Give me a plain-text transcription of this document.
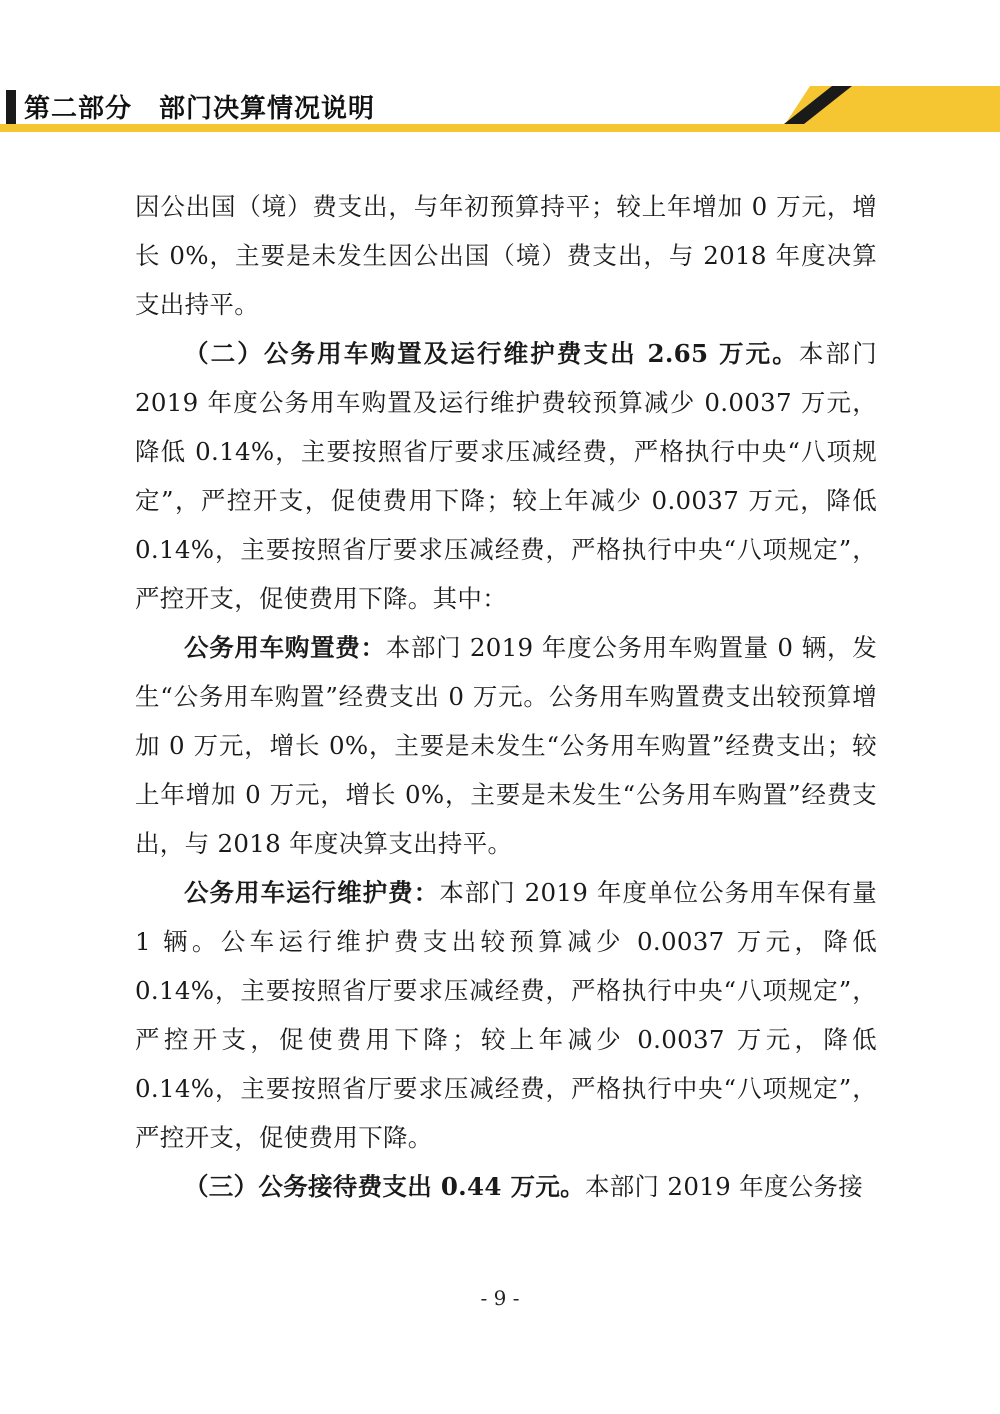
第二部分　部门决算情况说明

因公出国（境）费支出，与年初预算持平；较上年增加 0 万元，增长 0%，主要是未发生因公出国（境）费支出，与 2018 年度决算支出持平。

（二）公务用车购置及运行维护费支出 2.65 万元。本部门 2019 年度公务用车购置及运行维护费较预算减少 0.0037 万元，降低 0.14%，主要按照省厅要求压减经费，严格执行中央“八项规定”，严控开支，促使费用下降；较上年减少 0.0037 万元，降低 0.14%，主要按照省厅要求压减经费，严格执行中央“八项规定”，严控开支，促使费用下降。其中：

公务用车购置费：本部门 2019 年度公务用车购置量 0 辆，发生“公务用车购置”经费支出 0 万元。公务用车购置费支出较预算增加 0 万元，增长 0%，主要是未发生“公务用车购置”经费支出；较上年增加 0 万元，增长 0%，主要是未发生“公务用车购置”经费支出，与 2018 年度决算支出持平。

公务用车运行维护费：本部门 2019 年度单位公务用车保有量 1 辆。公车运行维护费支出较预算减少 0.0037 万元，降低 0.14%，主要按照省厅要求压减经费，严格执行中央“八项规定”，严控开支，促使费用下降；较上年减少 0.0037 万元，降低 0.14%，主要按照省厅要求压减经费，严格执行中央“八项规定”，严控开支，促使费用下降。

（三）公务接待费支出 0.44 万元。本部门 2019 年度公务接

- 9 -
